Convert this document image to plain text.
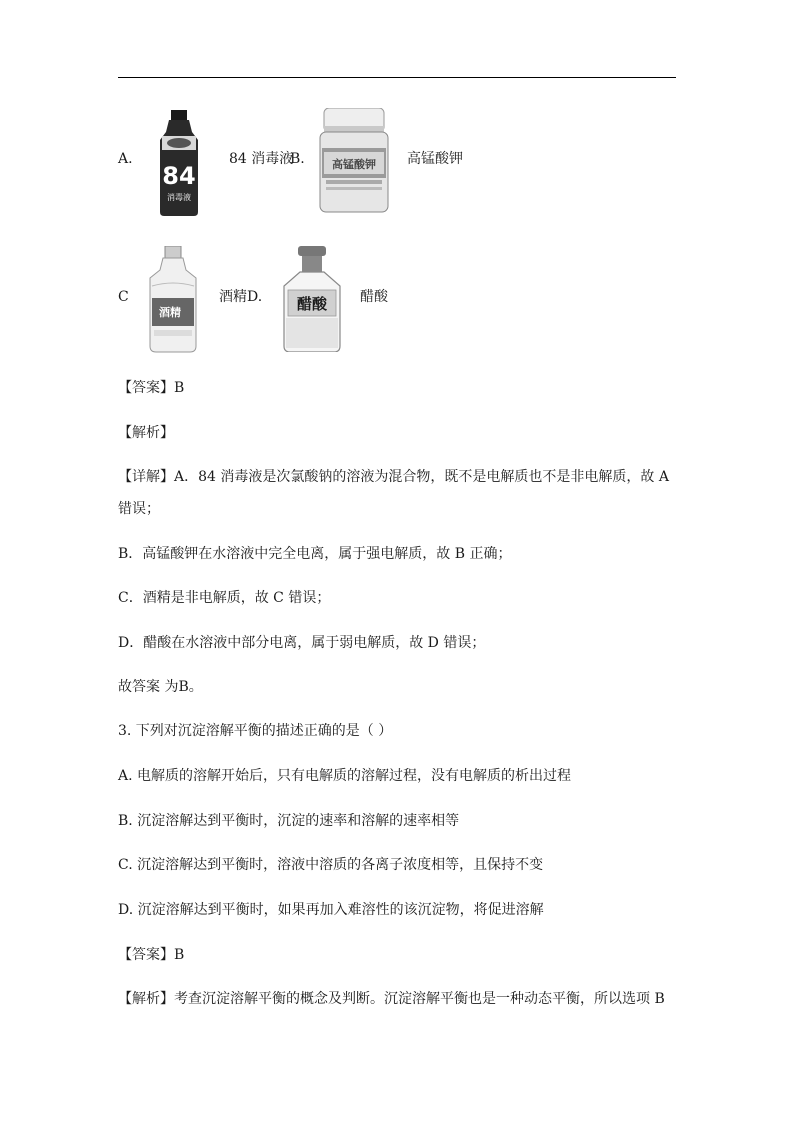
A.
84
消毒液
84 消毒液
B. 高锰酸钾 高锰酸钾
C
酒精
酒精 D. 醋酸 醋酸
【答案】B
【解析】
【详解】A．84 消毒液是次氯酸钠的溶液为混合物，既不是电解质也不是非电解质，故 A
错误；
B．高锰酸钾在水溶液中完全电离，属于强电解质，故 B 正确；
C．酒精是非电解质，故 C 错误；
D．醋酸在水溶液中部分电离，属于弱电解质，故 D 错误；
故答案 为B。
3. 下列对沉淀溶解平衡的描述正确的是（ ）
A. 电解质的溶解开始后，只有电解质的溶解过程，没有电解质的析出过程
B. 沉淀溶解达到平衡时，沉淀的速率和溶解的速率相等
C. 沉淀溶解达到平衡时，溶液中溶质的各离子浓度相等，且保持不变
D. 沉淀溶解达到平衡时，如果再加入难溶性的该沉淀物，将促进溶解
【答案】B
【解析】考查沉淀溶解平衡的概念及判断。沉淀溶解平衡也是一种动态平衡，所以选项 B
